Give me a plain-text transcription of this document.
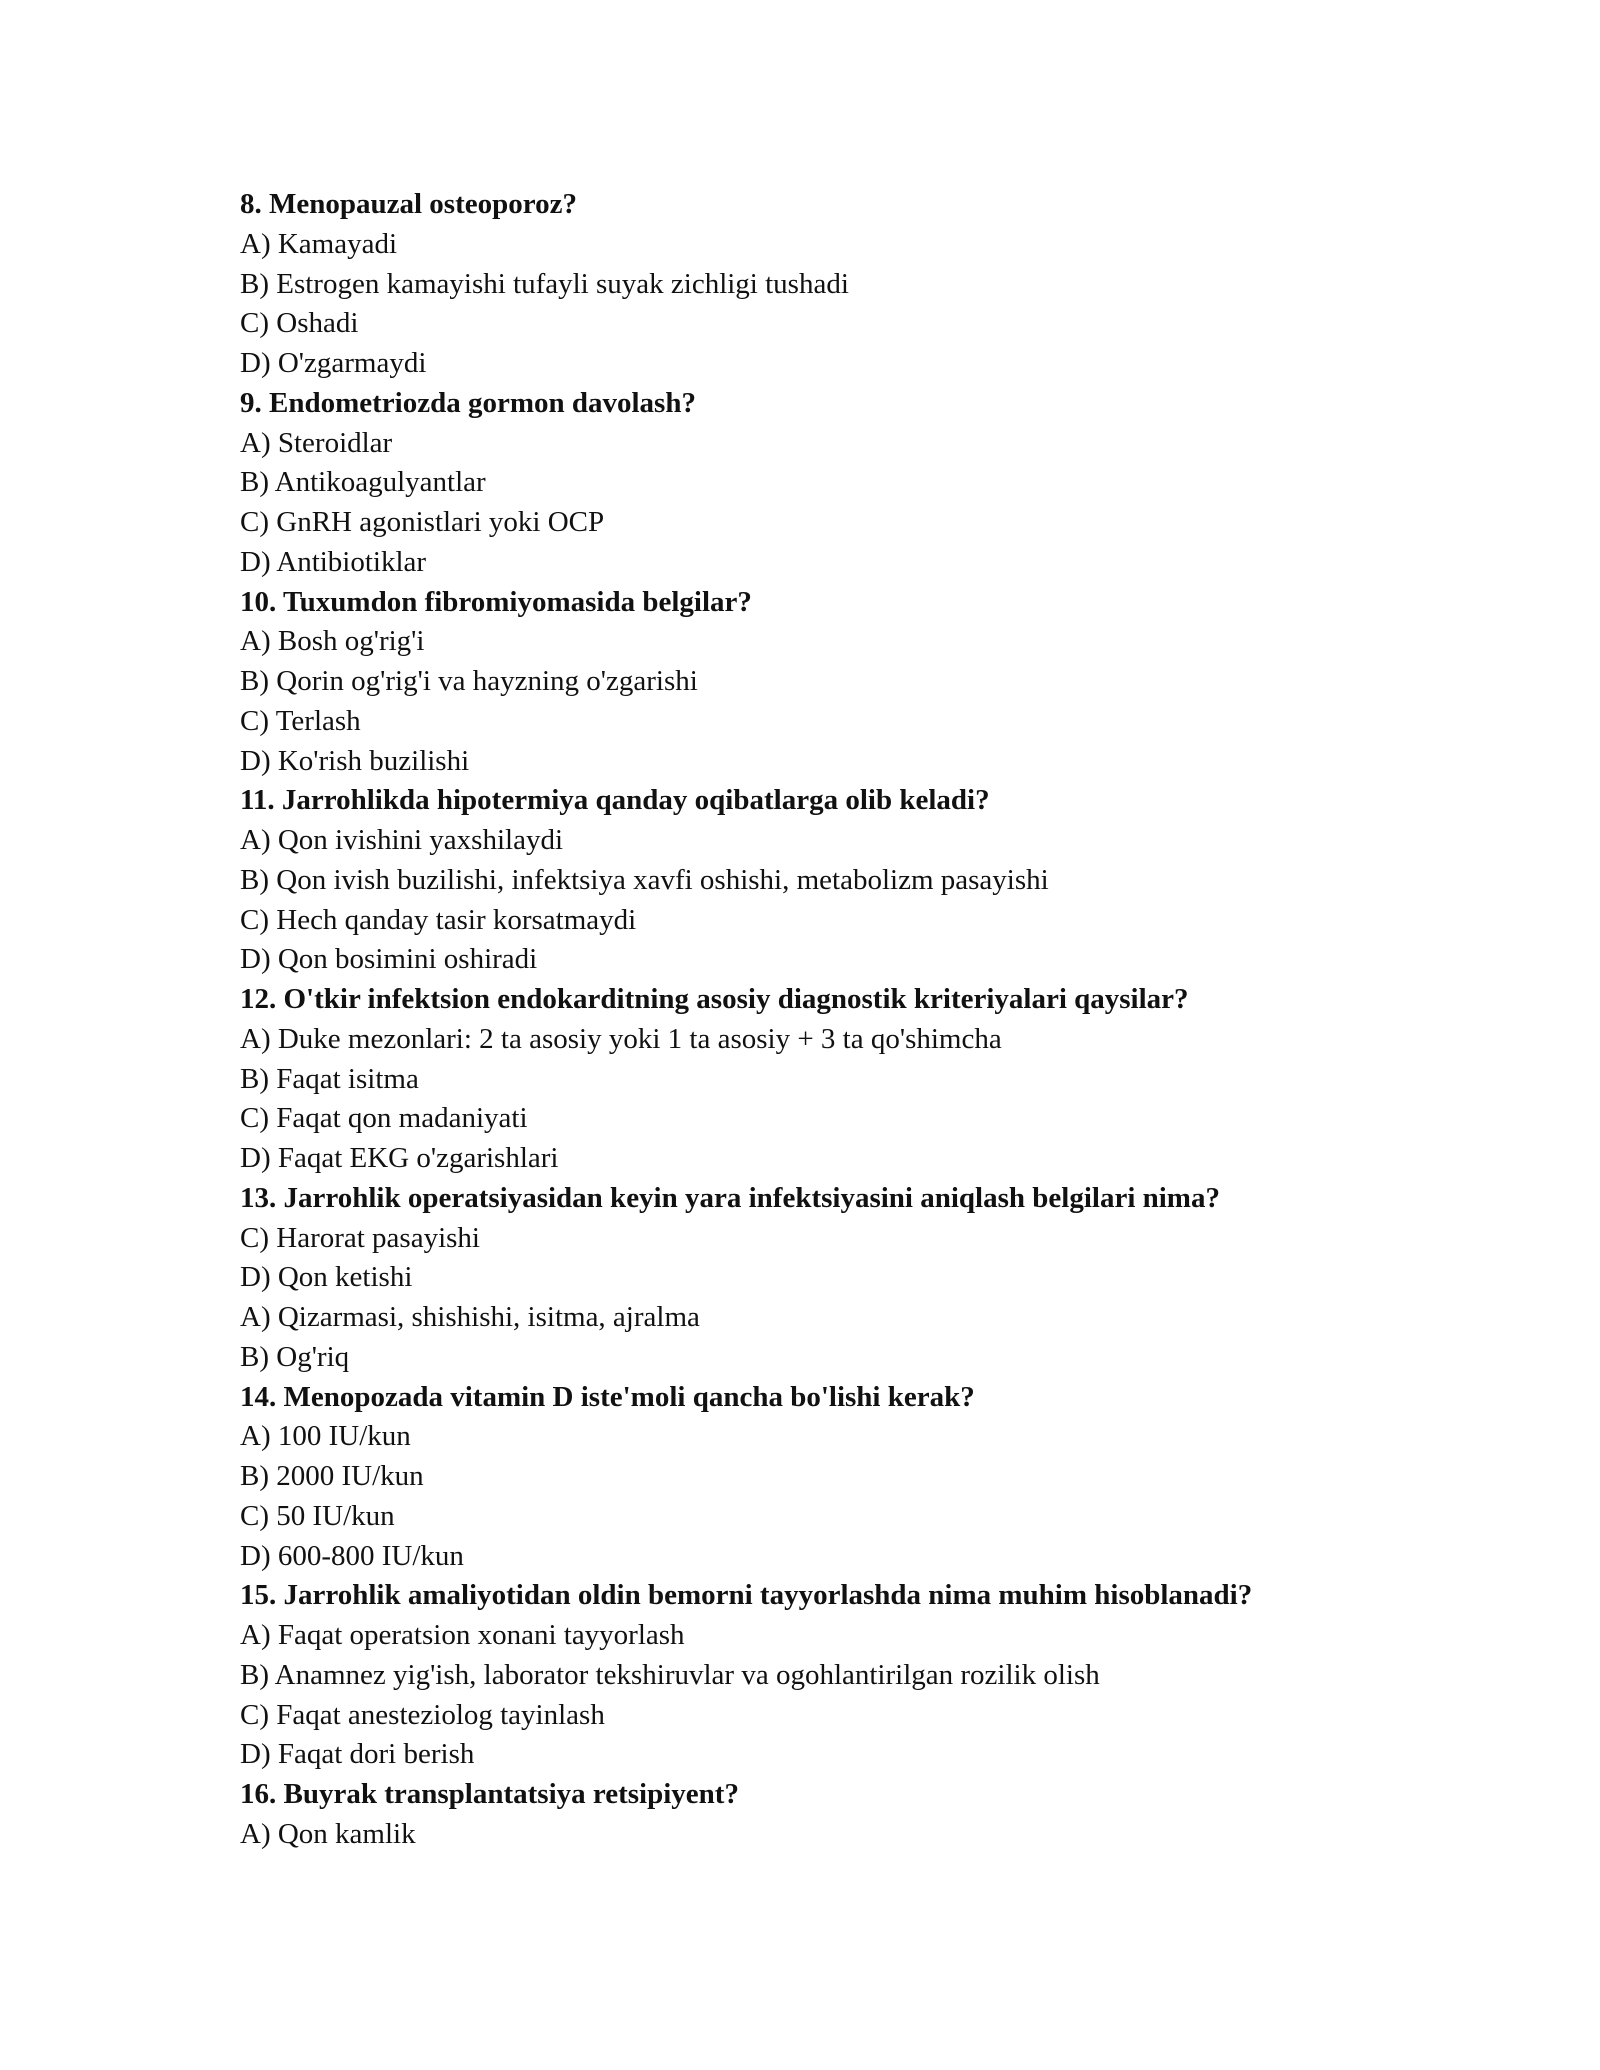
8. Menopauzal osteoporoz?
A) Kamayadi
B) Estrogen kamayishi tufayli suyak zichligi tushadi
C) Oshadi
D) O'zgarmaydi
9. Endometriozda gormon davolash?
A) Steroidlar
B) Antikoagulyantlar
C) GnRH agonistlari yoki OCP
D) Antibiotiklar
10. Tuxumdon fibromiyomasida belgilar?
A) Bosh og'rig'i
B) Qorin og'rig'i va hayzning o'zgarishi
C) Terlash
D) Ko'rish buzilishi
11. Jarrohlikda hipotermiya qanday oqibatlarga olib keladi?
A) Qon ivishini yaxshilaydi
B) Qon ivish buzilishi, infektsiya xavfi oshishi, metabolizm pasayishi
C) Hech qanday tasir korsatmaydi
D) Qon bosimini oshiradi
12. O'tkir infektsion endokarditning asosiy diagnostik kriteriyalari qaysilar?
A) Duke mezonlari: 2 ta asosiy yoki 1 ta asosiy + 3 ta qo'shimcha
B) Faqat isitma
C) Faqat qon madaniyati
D) Faqat EKG o'zgarishlari
13. Jarrohlik operatsiyasidan keyin yara infektsiyasini aniqlash belgilari nima?
C) Harorat pasayishi
D) Qon ketishi
A) Qizarmasi, shishishi, isitma, ajralma
B) Og'riq
14. Menopozada vitamin D iste'moli qancha bo'lishi kerak?
A) 100 IU/kun
B) 2000 IU/kun
C) 50 IU/kun
D) 600-800 IU/kun
15. Jarrohlik amaliyotidan oldin bemorni tayyorlashda nima muhim hisoblanadi?
A) Faqat operatsion xonani tayyorlash
B) Anamnez yig'ish, laborator tekshiruvlar va ogohlantirilgan rozilik olish
C) Faqat anesteziolog tayinlash
D) Faqat dori berish
16. Buyrak transplantatsiya retsipiyent?
A) Qon kamlik
